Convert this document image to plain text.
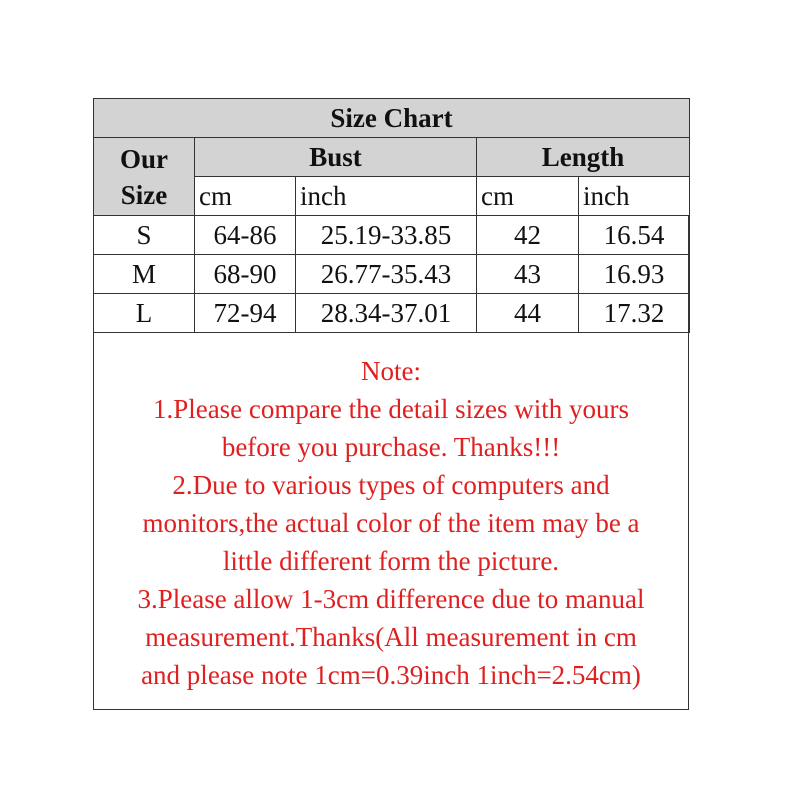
Size Chart				
Our
Size	Bust		Length	
	cm	inch	cm	inch
S	64-86	25.19-33.85	42	16.54
M	68-90	26.77-35.43	43	16.93
L	72-94	28.34-37.01	44	17.32
Note:
1.Please compare the detail sizes with yours
before you purchase. Thanks!!!
2.Due to various types of computers and
monitors,the actual color of the item may be a
little different form the picture.
3.Please allow 1-3cm difference due to manual
measurement.Thanks(All measurement in cm
and please note 1cm=0.39inch 1inch=2.54cm)
